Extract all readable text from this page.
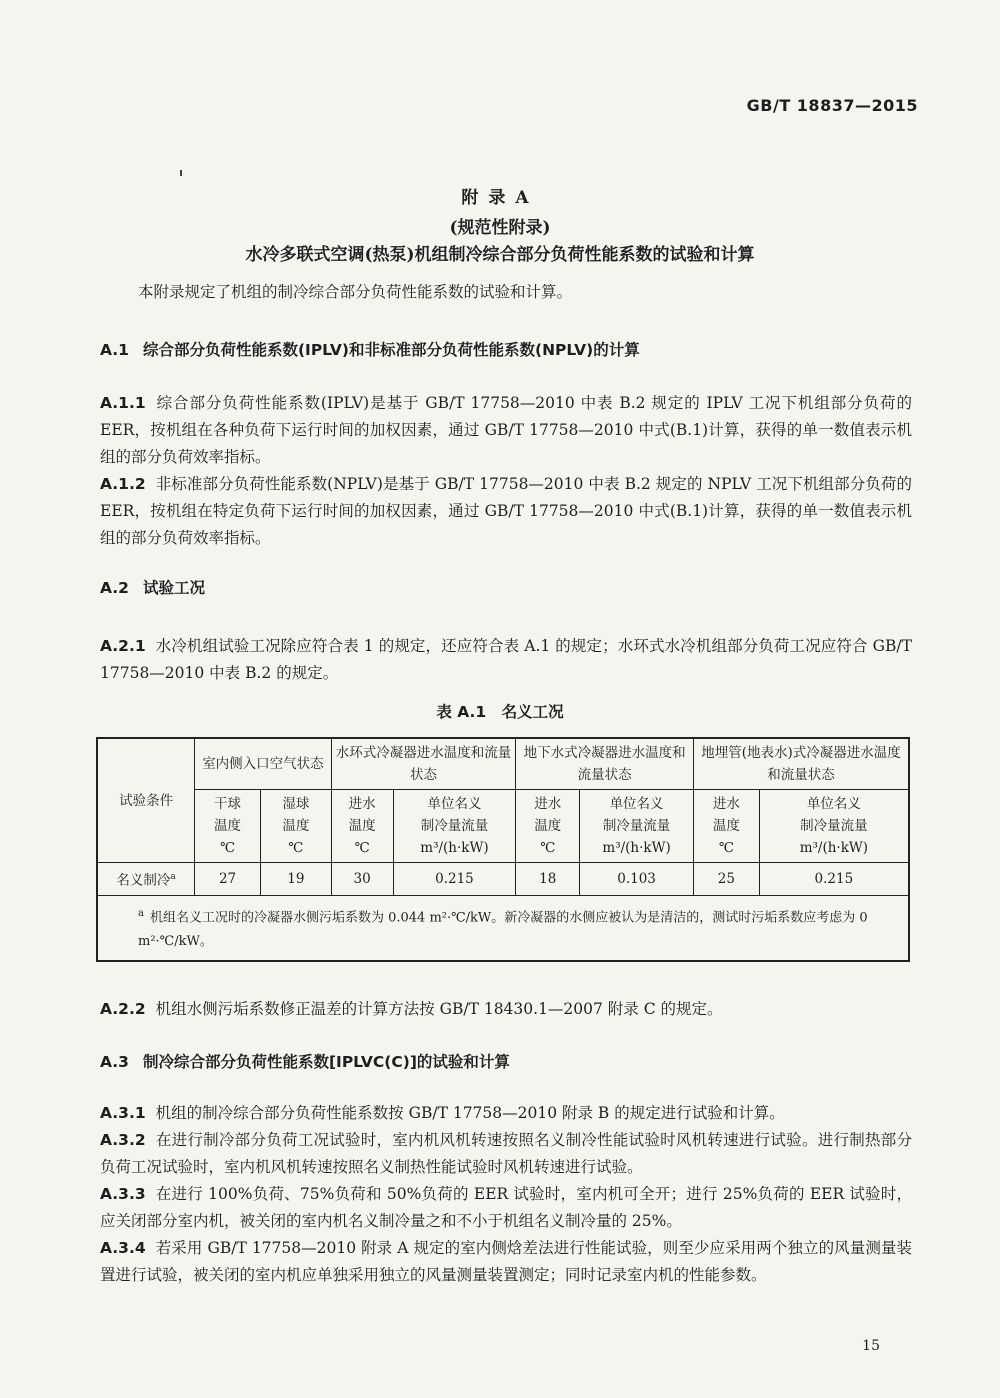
GB/T 18837—2015
附录A
(规范性附录)
水冷多联式空调(热泵)机组制冷综合部分负荷性能系数的试验和计算
本附录规定了机组的制冷综合部分负荷性能系数的试验和计算。
A.1 综合部分负荷性能系数(IPLV)和非标准部分负荷性能系数(NPLV)的计算

A.1.1 综合部分负荷性能系数(IPLV)是基于 GB/T 17758—2010 中表 B.2 规定的 IPLV 工况下机组部分负荷的 EER，按机组在各种负荷下运行时间的加权因素，通过 GB/T 17758—2010 中式(B.1)计算，获得的单一数值表示机组的部分负荷效率指标。

A.1.2 非标准部分负荷性能系数(NPLV)是基于 GB/T 17758—2010 中表 B.2 规定的 NPLV 工况下机组部分负荷的 EER，按机组在特定负荷下运行时间的加权因素，通过 GB/T 17758—2010 中式(B.1)计算，获得的单一数值表示机组的部分负荷效率指标。

A.2 试验工况
A.2.1 水冷机组试验工况除应符合表 1 的规定，还应符合表 A.1 的规定；水环式水冷机组部分负荷工况应符合 GB/T 17758—2010 中表 B.2 的规定。
表 A.1　名义工况
试验条件	室内侧入口空气状态		水环式冷凝器进水温度和流量状态		地下水式冷凝器进水温度和流量状态		地埋管(地表水)式冷凝器进水温度和流量状态	
	干球
温度
℃	湿球
温度
℃	进水
温度
℃	单位名义
制冷量流量
m³/(h·kW)	进水
温度
℃	单位名义
制冷量流量
m³/(h·kW)	进水
温度
℃	单位名义
制冷量流量
m³/(h·kW)
名义制冷$^a$	27	19	30	0.215	18	0.103	25	0.215
$^a$ 机组名义工况时的冷凝器水侧污垢系数为 0.044 m²·℃/kW。新冷凝器的水侧应被认为是清洁的，测试时污垢系数应考虑为 0 m²·℃/kW。								
A.2.2 机组水侧污垢系数修正温差的计算方法按 GB/T 18430.1—2007 附录 C 的规定。
A.3 制冷综合部分负荷性能系数[IPLVC(C)]的试验和计算

A.3.1 机组的制冷综合部分负荷性能系数按 GB/T 17758—2010 附录 B 的规定进行试验和计算。

A.3.2 在进行制冷部分负荷工况试验时，室内机风机转速按照名义制冷性能试验时风机转速进行试验。进行制热部分负荷工况试验时，室内机风机转速按照名义制热性能试验时风机转速进行试验。

A.3.3 在进行 100%负荷、75%负荷和 50%负荷的 EER 试验时，室内机可全开；进行 25%负荷的 EER 试验时，应关闭部分室内机，被关闭的室内机名义制冷量之和不小于机组名义制冷量的 25%。

A.3.4 若采用 GB/T 17758—2010 附录 A 规定的室内侧焓差法进行性能试验，则至少应采用两个独立的风量测量装置进行试验，被关闭的室内机应单独采用独立的风量测量装置测定；同时记录室内机的性能参数。

15
